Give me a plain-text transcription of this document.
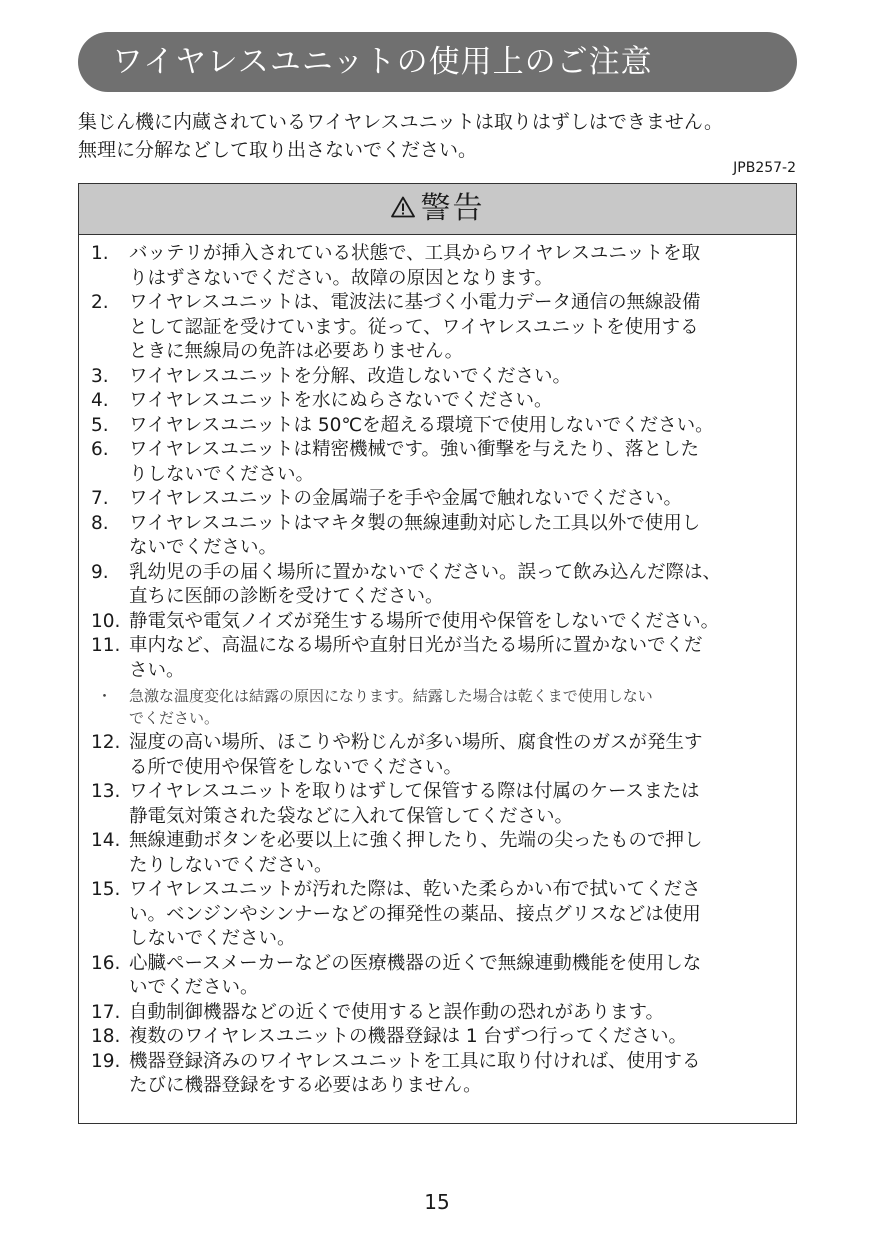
ワイヤレスユニットの使用上のご注意
集じん機に内蔵されているワイヤレスユニットは取りはずしはできません。
無理に分解などして取り出さないでください。
JPB257-2
警告
1.	バッテリが挿入されている状態で、工具からワイヤレスユニットを取
りはずさないでください。故障の原因となります。
2.	ワイヤレスユニットは、電波法に基づく小電力データ通信の無線設備
として認証を受けています。従って、ワイヤレスユニットを使用する
ときに無線局の免許は必要ありません。
3.	ワイヤレスユニットを分解、改造しないでください。
4.	ワイヤレスユニットを水にぬらさないでください。
5.	ワイヤレスユニットは 50℃を超える環境下で使用しないでください。
6.	ワイヤレスユニットは精密機械です。強い衝撃を与えたり、落とした
りしないでください。
7.	ワイヤレスユニットの金属端子を手や金属で触れないでください。
8.	ワイヤレスユニットはマキタ製の無線連動対応した工具以外で使用し
ないでください。
9.	乳幼児の手の届く場所に置かないでください。誤って飲み込んだ際は、
直ちに医師の診断を受けてください。
10. 静電気や電気ノイズが発生する場所で使用や保管をしないでください。
11. 車内など、高温になる場所や直射日光が当たる場所に置かないでくだ
さい。
・	急激な温度変化は結露の原因になります。結露した場合は乾くまで使用しない
でください。
12. 湿度の高い場所、ほこりや粉じんが多い場所、腐食性のガスが発生す
る所で使用や保管をしないでください。
13. ワイヤレスユニットを取りはずして保管する際は付属のケースまたは
静電気対策された袋などに入れて保管してください。
14. 無線連動ボタンを必要以上に強く押したり、先端の尖ったもので押し
たりしないでください。
15. ワイヤレスユニットが汚れた際は、乾いた柔らかい布で拭いてくださ
い。ベンジンやシンナーなどの揮発性の薬品、接点グリスなどは使用
しないでください。
16. 心臓ペースメーカーなどの医療機器の近くで無線連動機能を使用しな
いでください。
17. 自動制御機器などの近くで使用すると誤作動の恐れがあります。
18. 複数のワイヤレスユニットの機器登録は 1 台ずつ行ってください。
19. 機器登録済みのワイヤレスユニットを工具に取り付ければ、使用する
たびに機器登録をする必要はありません。
15
